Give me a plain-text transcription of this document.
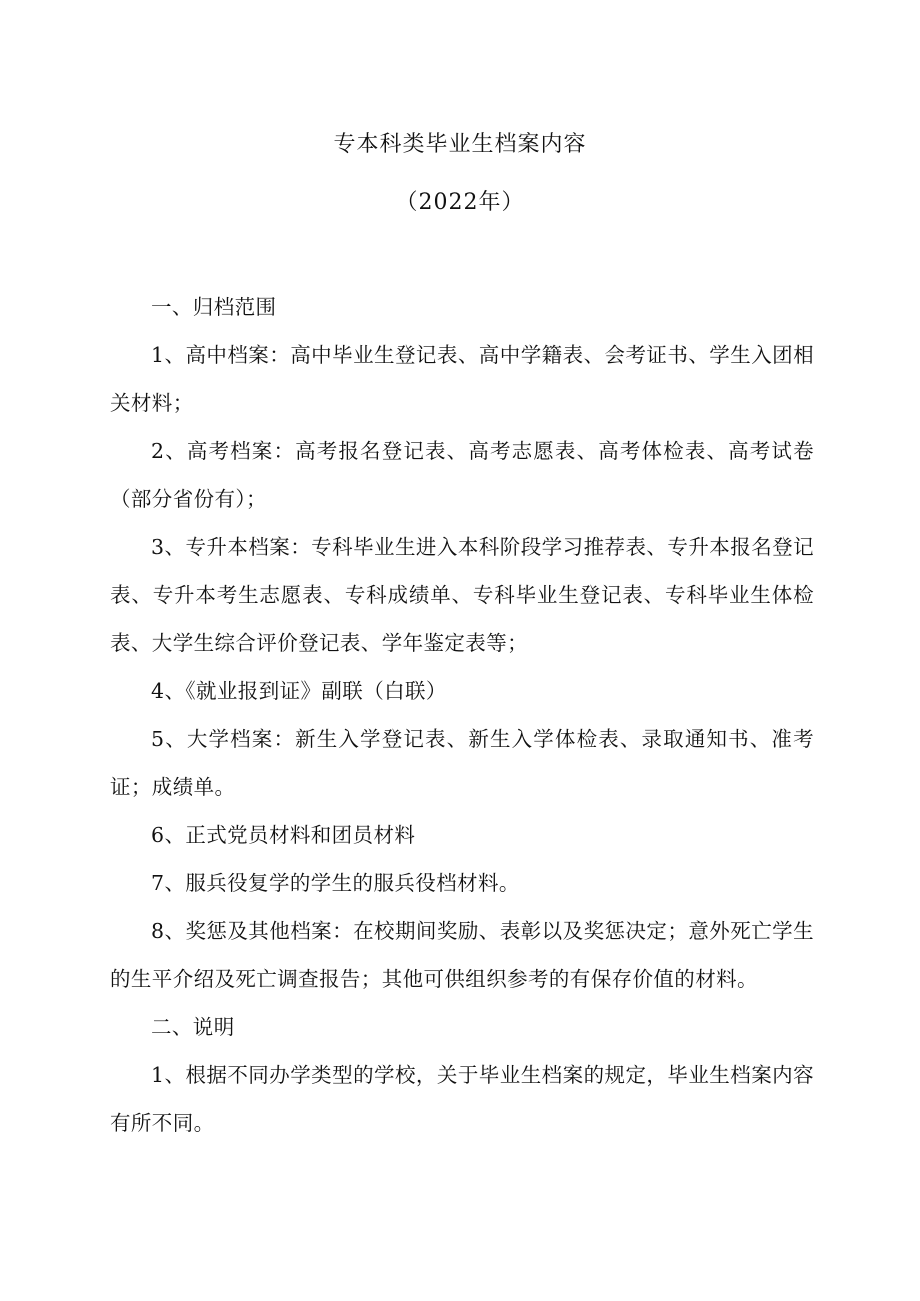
专本科类毕业生档案内容
（2022年）

一、归档范围

1、高中档案：高中毕业生登记表、高中学籍表、会考证书、学生入团相关材料；

2、高考档案：高考报名登记表、高考志愿表、高考体检表、高考试卷（部分省份有）；

3、专升本档案：专科毕业生进入本科阶段学习推荐表、专升本报名登记表、专升本考生志愿表、专科成绩单、专科毕业生登记表、专科毕业生体检表、大学生综合评价登记表、学年鉴定表等；

4、《就业报到证》副联（白联）

5、大学档案：新生入学登记表、新生入学体检表、录取通知书、准考证；成绩单。

6、正式党员材料和团员材料

7、服兵役复学的学生的服兵役档材料。

8、奖惩及其他档案：在校期间奖励、表彰以及奖惩决定；意外死亡学生的生平介绍及死亡调查报告；其他可供组织参考的有保存价值的材料。

二、说明

1、根据不同办学类型的学校，关于毕业生档案的规定，毕业生档案内容有所不同。
